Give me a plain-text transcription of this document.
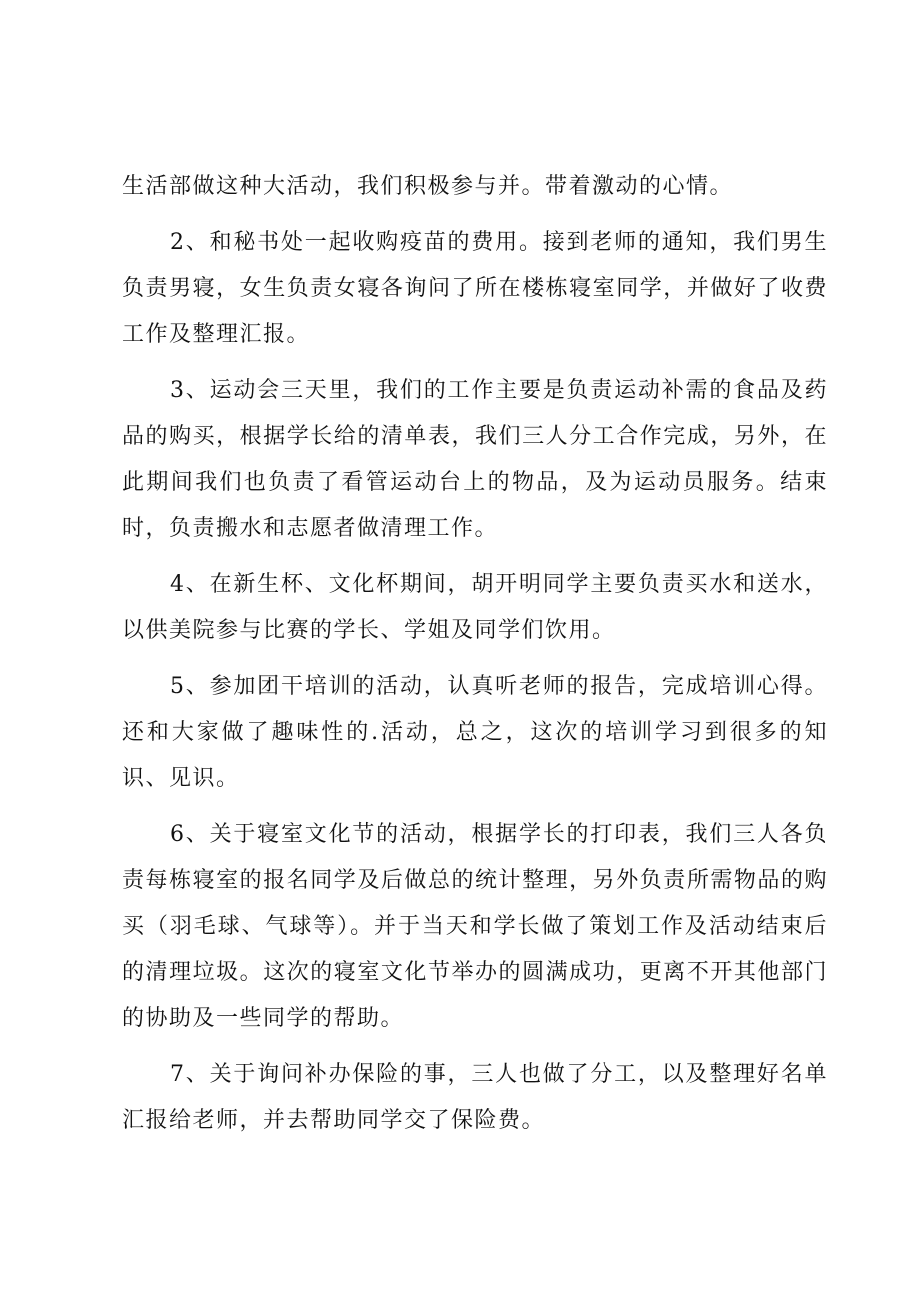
生活部做这种大活动，我们积极参与并。带着激动的心情。

2、和秘书处一起收购疫苗的费用。接到老师的通知，我们男生负责男寝，女生负责女寝各询问了所在楼栋寝室同学，并做好了收费工作及整理汇报。

3、运动会三天里，我们的工作主要是负责运动补需的食品及药品的购买，根据学长给的清单表，我们三人分工合作完成，另外，在此期间我们也负责了看管运动台上的物品，及为运动员服务。结束时，负责搬水和志愿者做清理工作。

4、在新生杯、文化杯期间，胡开明同学主要负责买水和送水，以供美院参与比赛的学长、学姐及同学们饮用。

5、参加团干培训的活动，认真听老师的报告，完成培训心得。还和大家做了趣味性的.活动，总之，这次的培训学习到很多的知识、见识。

6、关于寝室文化节的活动，根据学长的打印表，我们三人各负责每栋寝室的报名同学及后做总的统计整理，另外负责所需物品的购买（羽毛球、气球等）。并于当天和学长做了策划工作及活动结束后的清理垃圾。这次的寝室文化节举办的圆满成功，更离不开其他部门的协助及一些同学的帮助。

7、关于询问补办保险的事，三人也做了分工，以及整理好名单汇报给老师，并去帮助同学交了保险费。
